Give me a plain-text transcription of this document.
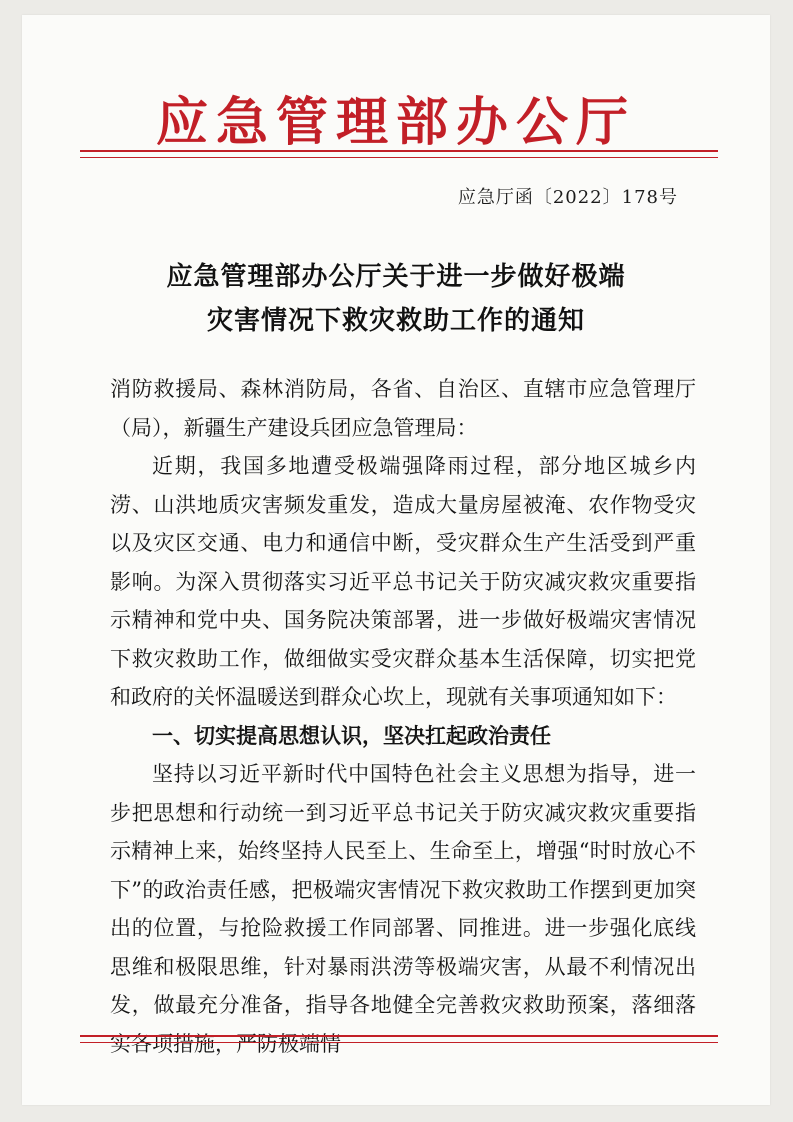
应急管理部办公厅
应急厅函〔2022〕178号
应急管理部办公厅关于进一步做好极端
灾害情况下救灾救助工作的通知

消防救援局、森林消防局，各省、自治区、直辖市应急管理厅（局），新疆生产建设兵团应急管理局：

近期，我国多地遭受极端强降雨过程，部分地区城乡内涝、山洪地质灾害频发重发，造成大量房屋被淹、农作物受灾以及灾区交通、电力和通信中断，受灾群众生产生活受到严重影响。为深入贯彻落实习近平总书记关于防灾减灾救灾重要指示精神和党中央、国务院决策部署，进一步做好极端灾害情况下救灾救助工作，做细做实受灾群众基本生活保障，切实把党和政府的关怀温暖送到群众心坎上，现就有关事项通知如下：

一、切实提高思想认识，坚决扛起政治责任

坚持以习近平新时代中国特色社会主义思想为指导，进一步把思想和行动统一到习近平总书记关于防灾减灾救灾重要指示精神上来，始终坚持人民至上、生命至上，增强“时时放心不下”的政治责任感，把极端灾害情况下救灾救助工作摆到更加突出的位置，与抢险救援工作同部署、同推进。进一步强化底线思维和极限思维，针对暴雨洪涝等极端灾害，从最不利情况出发，做最充分准备，指导各地健全完善救灾救助预案，落细落实各项措施，严防极端情
